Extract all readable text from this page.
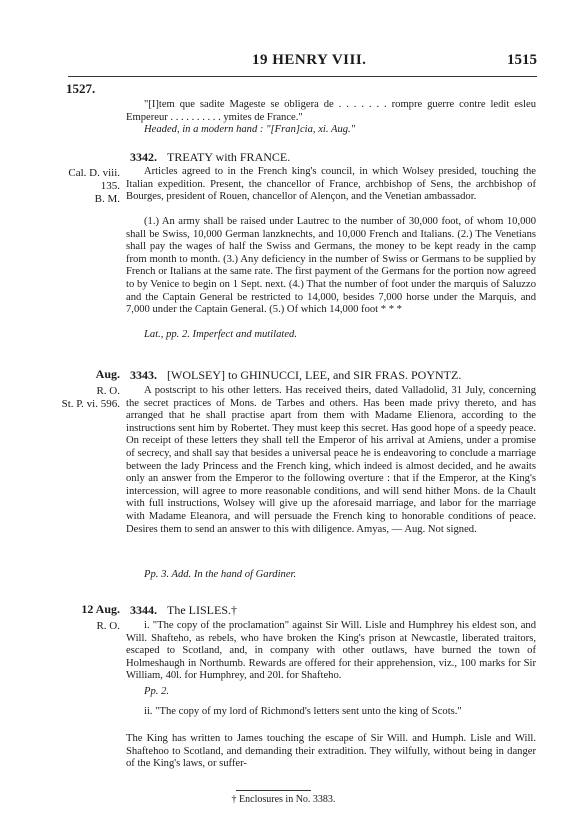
19 HENRY VIII.	1515
1527.
"[I]tem que sadite Mageste se obligera de . . . . . . . rompre guerre contre ledit esleu Empereur . . . . . . . . . . ymites de France."
Headed, in a modern hand : "[Fran]cia, xi. Aug."
3342. TREATY with FRANCE.
Cal. D. viii.
135.
B. M.
Articles agreed to in the French king's council, in which Wolsey presided, touching the Italian expedition. Present, the chancellor of France, archbishop of Sens, the archbishop of Bourges, president of Rouen, chancellor of Alençon, and the Venetian ambassador.
(1.) An army shall be raised under Lautrec to the number of 30,000 foot, of whom 10,000 shall be Swiss, 10,000 German lanzknechts, and 10,000 French and Italians. (2.) The Venetians shall pay the wages of half the Swiss and Germans, the money to be kept ready in the camp from month to month. (3.) Any deficiency in the number of Swiss or Germans to be supplied by French or Italians at the same rate. The first payment of the Germans for the portion now agreed to by Venice to begin on 1 Sept. next. (4.) That the number of foot under the marquis of Saluzzo and the Captain General be restricted to 14,000, besides 7,000 horse under the Marquis, and 7,000 under the Captain General. (5.) Of which 14,000 foot * * *
Lat., pp. 2. Imperfect and mutilated.
Aug. 3343. [WOLSEY] to GHINUCCI, LEE, and SIR FRAS. POYNTZ.
R. O.
St. P. vi. 596.
A postscript to his other letters. Has received theirs, dated Valladolid, 31 July, concerning the secret practices of Mons. de Tarbes and others. Has been made privy thereto, and has arranged that he shall practise apart from them with Madame Elienora, according to the instructions sent him by Robertet. They must keep this secret. Has good hope of a speedy peace. On receipt of these letters they shall tell the Emperor of his arrival at Amiens, under a promise of secrecy, and shall say that besides a universal peace he is endeavoring to conclude a marriage between the lady Princess and the French king, which indeed is almost decided, and he awaits only an answer from the Emperor to the following overture : that if the Emperor, at the King's intercession, will agree to more reasonable conditions, and will send hither Mons. de la Chault with full instructions, Wolsey will give up the aforesaid marriage, and labor for the marriage with Madame Eleanora, and will persuade the French king to honorable conditions of peace. Desires them to send an answer to this with diligence. Amyas, — Aug. Not signed.
Pp. 3. Add. In the hand of Gardiner.
12 Aug. 3344. The LISLES.†
R. O.	i. "The copy of the proclamation" against Sir Will. Lisle and Humphrey his eldest son, and Will. Shafteho, as rebels, who have broken the King's prison at Newcastle, liberated traitors, escaped to Scotland, and, in company with other outlaws, have burned the town of Holmeshaugh in Northumb. Rewards are offered for their apprehension, viz., 100 marks for Sir William, 40l. for Humphrey, and 20l. for Shafteho.
Pp. 2.
ii. "The copy of my lord of Richmond's letters sent unto the king of Scots."
The King has written to James touching the escape of Sir Will. and Humph. Lisle and Will. Shaftehoo to Scotland, and demanding their extradition. They wilfully, without being in danger of the King's laws, or suffer-
† Enclosures in No. 3383.
